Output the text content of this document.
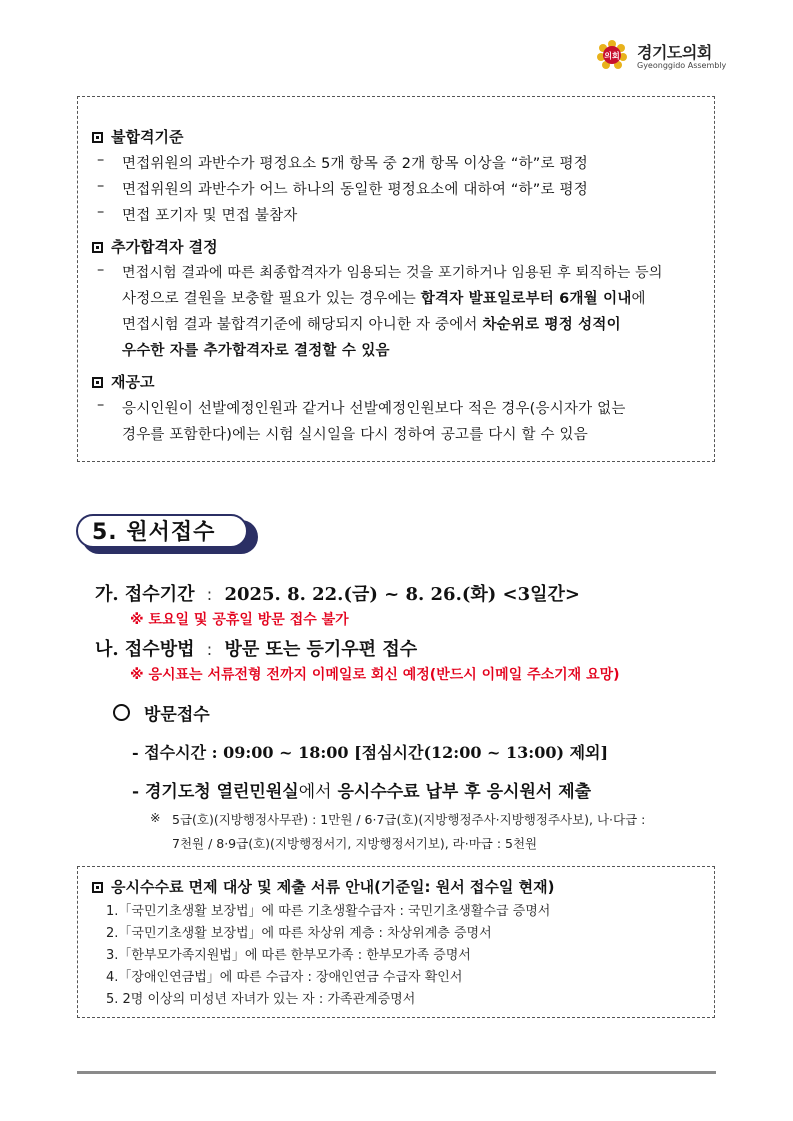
의회 경기도의회
Gyeonggido Assembly
불합격기준
– 면접위원의 과반수가 평정요소 5개 항목 중 2개 항목 이상을 “하”로 평정
– 면접위원의 과반수가 어느 하나의 동일한 평정요소에 대하여 “하”로 평정
– 면접 포기자 및 면접 불참자
추가합격자 결정
– 면접시험 결과에 따른 최종합격자가 임용되는 것을 포기하거나 임용된 후 퇴직하는 등의
사정으로 결원을 보충할 필요가 있는 경우에는 합격자 발표일로부터 6개월 이내에
면접시험 결과 불합격기준에 해당되지 아니한 자 중에서 차순위로 평정 성적이
우수한 자를 추가합격자로 결정할 수 있음
재공고
– 응시인원이 선발예정인원과 같거나 선발예정인원보다 적은 경우(응시자가 없는
경우를 포함한다)에는 시험 실시일을 다시 정하여 공고를 다시 할 수 있음
5. 원서접수
가. 접수기간 : 2025. 8. 22.(금) ~ 8. 26.(화) <3일간>
※ 토요일 및 공휴일 방문 접수 불가
나. 접수방법 : 방문 또는 등기우편 접수
※ 응시표는 서류전형 전까지 이메일로 회신 예정(반드시 이메일 주소기재 요망)
방문접수
- 접수시간 : 09:00 ~ 18:00 [점심시간(12:00 ~ 13:00) 제외]
- 경기도청 열린민원실에서 응시수수료 납부 후 응시원서 제출
※ 5급(호)(지방행정사무관) : 1만원 / 6·7급(호)(지방행정주사·지방행정주사보), 나·다급 :
7천원 / 8·9급(호)(지방행정서기, 지방행정서기보), 라·마급 : 5천원
응시수수료 면제 대상 및 제출 서류 안내(기준일: 원서 접수일 현재)
1.「국민기초생활 보장법」에 따른 기초생활수급자 : 국민기초생활수급 증명서
2.「국민기초생활 보장법」에 따른 차상위 계층 : 차상위계층 증명서
3.「한부모가족지원법」에 따른 한부모가족 : 한부모가족 증명서
4.「장애인연금법」에 따른 수급자 : 장애인연금 수급자 확인서
5. 2명 이상의 미성년 자녀가 있는 자 : 가족관계증명서
